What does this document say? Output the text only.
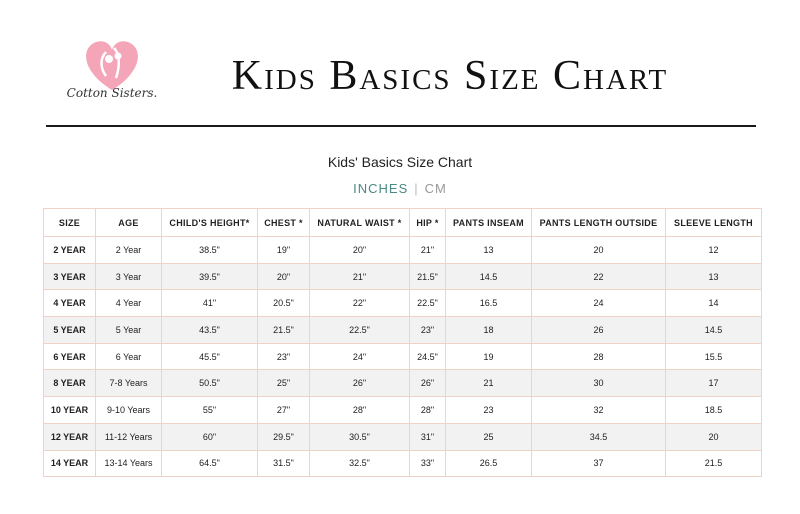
Cotton Sisters.	Kids Basics Size Chart
Kids' Basics Size Chart
INCHES | CM
SIZE	AGE	CHILD'S HEIGHT*	CHEST *	NATURAL WAIST *	HIP *	PANTS INSEAM	PANTS LENGTH OUTSIDE	SLEEVE LENGTH
2 YEAR	2 Year	38.5"	19"	20"	21"	13	20	12
3 YEAR	3 Year	39.5"	20"	21"	21.5"	14.5	22	13
4 YEAR	4 Year	41"	20.5"	22"	22.5"	16.5	24	14
5 YEAR	5 Year	43.5"	21.5"	22.5"	23"	18	26	14.5
6 YEAR	6 Year	45.5"	23"	24"	24.5"	19	28	15.5
8 YEAR	7-8 Years	50.5"	25"	26"	26"	21	30	17
10 YEAR	9-10 Years	55"	27"	28"	28"	23	32	18.5
12 YEAR	11-12 Years	60"	29.5"	30.5"	31"	25	34.5	20
14 YEAR	13-14 Years	64.5"	31.5"	32.5"	33"	26.5	37	21.5
